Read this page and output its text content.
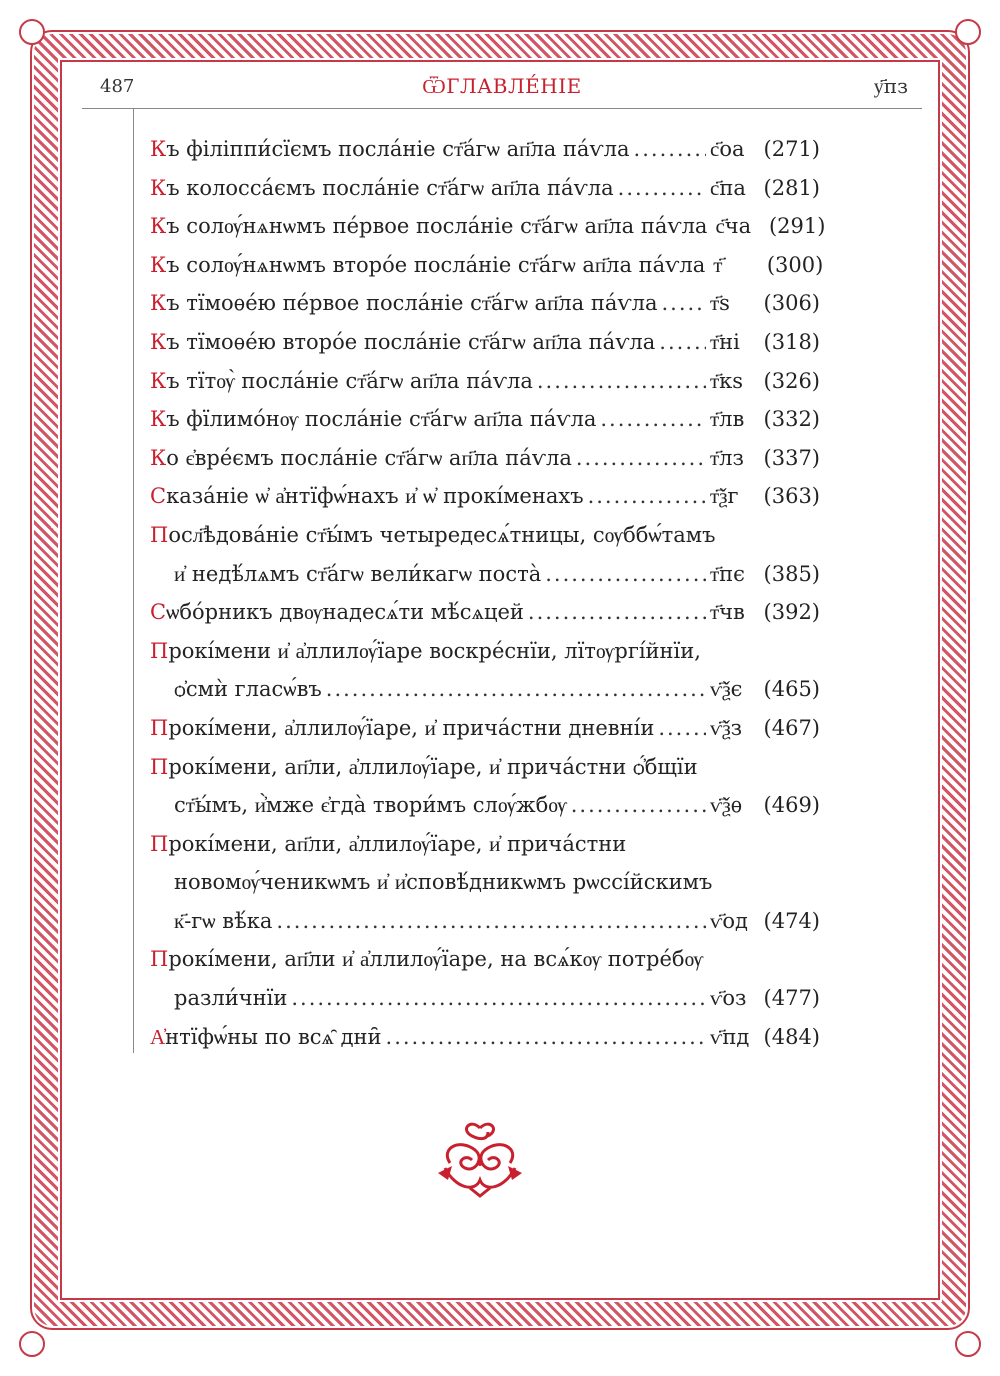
487	ѾГЛАВЛЕ́НІЕ	у҃пз
Къ філіппи́сїємъ посла́ніе ст҃а́гѡ ап҃ла па́ѵла .....	с҃оа (271)
Къ колосса́ємъ посла́ніе ст҃а́гѡ ап҃ла па́ѵла .....	с҃па (281)
Къ солѹ́нѧнѡмъ пе́рвое посла́ніе ст҃а́гѡ ап҃ла па́ѵла с҃ча (291)
Къ солѹ́нѧнѡмъ второ́е посла́ніе ст҃а́гѡ ап҃ла па́ѵла т҃	(300)
Къ тїмоѳе́ю пе́рвое посла́ніе ст҃а́гѡ ап҃ла па́ѵла .....	т҃ѕ	(306)
Къ тїмоѳе́ю второ́е посла́ніе ст҃а́гѡ ап҃ла па́ѵла .....	т҃ні	(318)
Къ тїтѹ̀ посла́ніе ст҃а́гѡ ап҃ла па́ѵла .....	т҃кѕ (326)
Къ фїлимо́нѹ посла́ніе ст҃а́гѡ ап҃ла па́ѵла .....	т҃лв (332)
Ко є҆вре́ємъ посла́ніе ст҃а́гѡ ап҃ла па́ѵла .....	т҃лз (337)
Сказа́ніе ѡ҆ а҆нтїфѡ́нахъ и҆ ѡ҆ прокі́менахъ .....	т҃ѯг	(363)
Посл҃ѣдова́ніе ст҃ы́мъ четыредесѧ́тницы, сѹббѡ́тамъ
и҆ недѣ́лѧмъ ст҃а́гѡ вели́кагѡ поста̀ .....	т҃пє (385)
Сѡбо́рникъ двѹнадесѧ́ти мѣ́сѧцей .....	т҃чв (392)
Прокі́мени и҆ а҆ллилѹ́їаре воскре́снїи, лїтѹргі́йнїи,
ѻ҆смѝ гласѡ́въ .....	ѵ҃ѯє	(465)
Прокі́мени, а҆ллилѹ́їаре, и҆ прича́стни дневні́и .....	ѵ҃ѯз	(467)
Прокі́мени, ап҃ли, а҆ллилѹ́їаре, и҆ прича́стни ѻ҆́бщїи
ст҃ы́мъ, и҆̀мже є҆гда̀ твори́мъ слѹ́жбѹ .....	ѵ҃ѯѳ	(469)
Прокі́мени, ап҃ли, а҆ллилѹ́їаре, и҆ прича́стни
новомѹ́ченикѡмъ и҆ и҆сповѣ́дникѡмъ рѡссі́йскимъ
к҃-гѡ вѣ́ка .....	ѵ҃од (474)
Прокі́мени, ап҃ли и҆ а҆ллилѹ́їаре, на всѧ́кѹ потре́бѹ
разли́чнїи .....	ѵ҃оз (477)
А҆нтїфѡ́ны по всѧ̑ дни̑ .....	ѵ҃пд (484)
